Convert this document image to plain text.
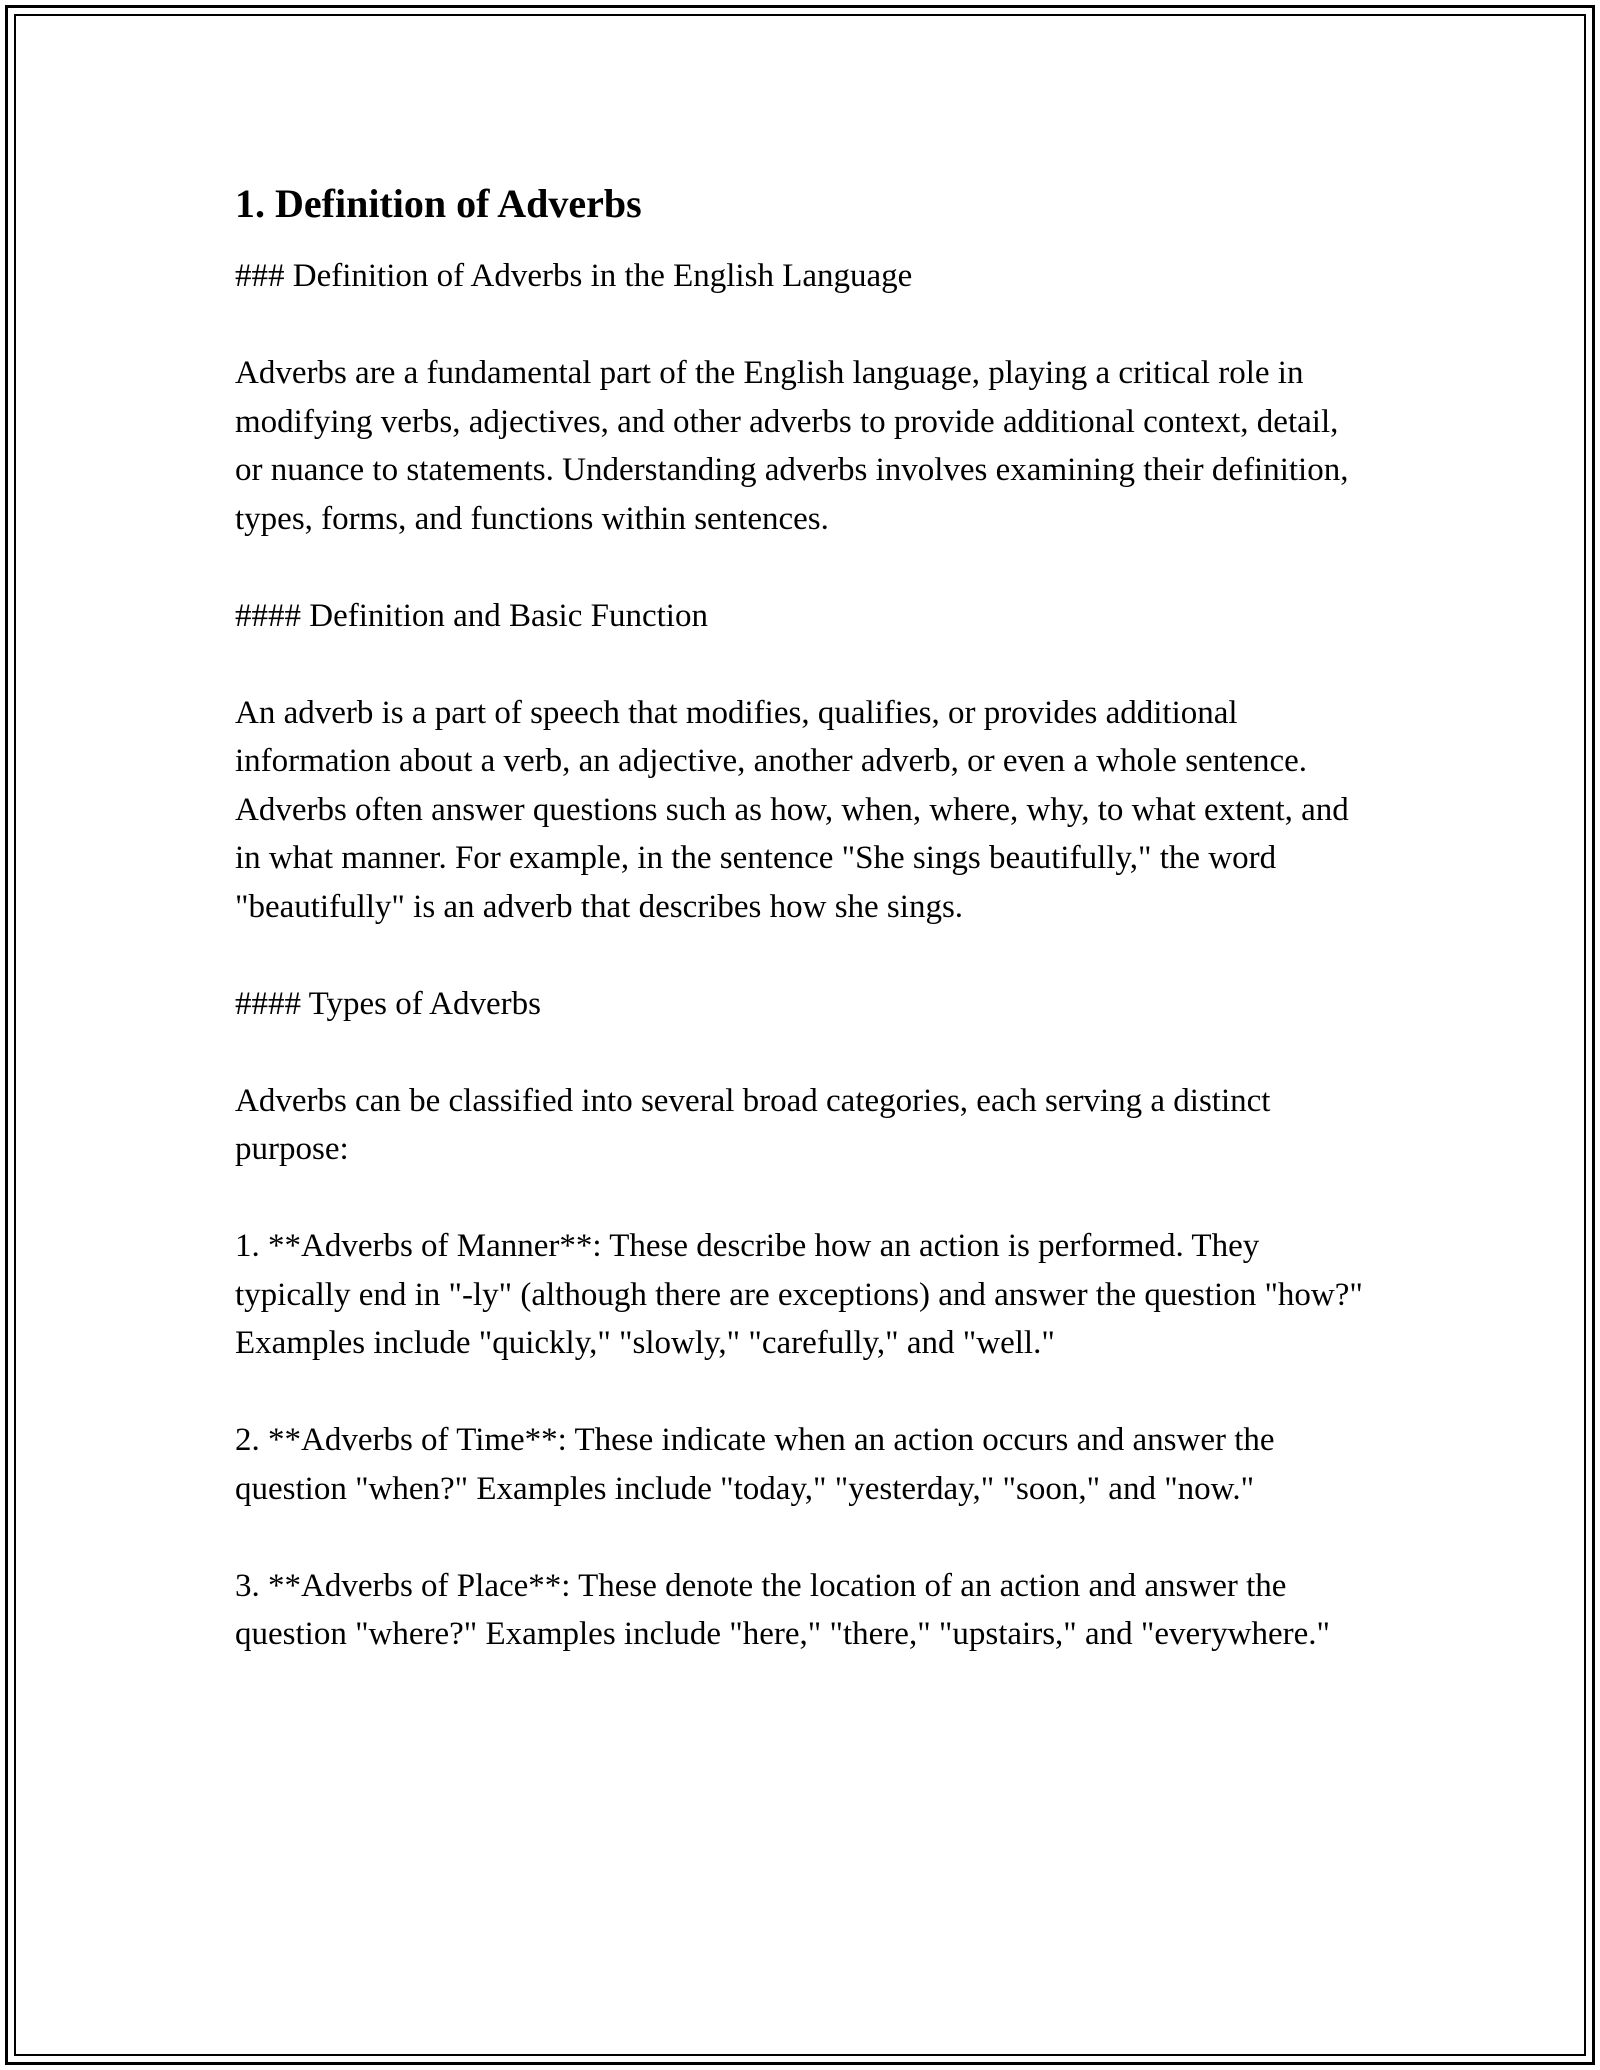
1. Definition of Adverbs

### Definition of Adverbs in the English Language

Adverbs are a fundamental part of the English language, playing a critical role in modifying verbs, adjectives, and other adverbs to provide additional context, detail, or nuance to statements. Understanding adverbs involves examining their definition, types, forms, and functions within sentences.

#### Definition and Basic Function

An adverb is a part of speech that modifies, qualifies, or provides additional information about a verb, an adjective, another adverb, or even a whole sentence. Adverbs often answer questions such as how, when, where, why, to what extent, and in what manner. For example, in the sentence "She sings beautifully," the word "beautifully" is an adverb that describes how she sings.

#### Types of Adverbs

Adverbs can be classified into several broad categories, each serving a distinct purpose:

1. **Adverbs of Manner**: These describe how an action is performed. They typically end in "-ly" (although there are exceptions) and answer the question "how?" Examples include "quickly," "slowly," "carefully," and "well."

2. **Adverbs of Time**: These indicate when an action occurs and answer the question "when?" Examples include "today," "yesterday," "soon," and "now."

3. **Adverbs of Place**: These denote the location of an action and answer the question "where?" Examples include "here," "there," "upstairs," and "everywhere."
